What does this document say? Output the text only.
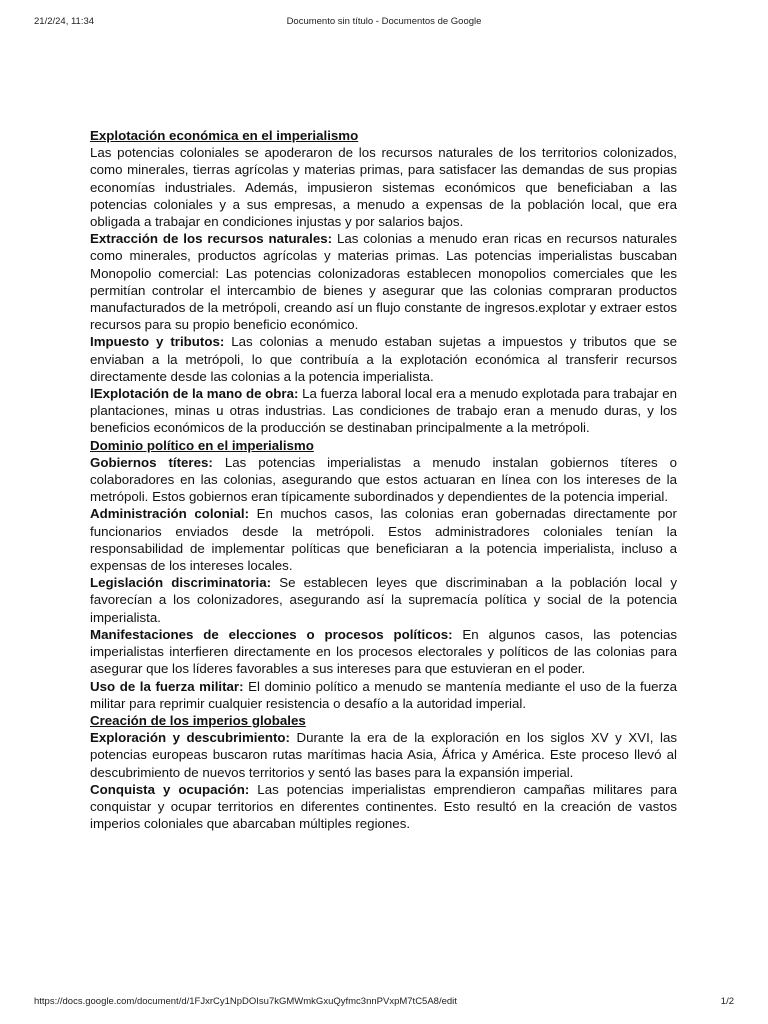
21/2/24, 11:34	Documento sin título - Documentos de Google
Explotación económica en el imperialismo

Las potencias coloniales se apoderaron de los recursos naturales de los territorios colonizados, como minerales, tierras agrícolas y materias primas, para satisfacer las demandas de sus propias economías industriales. Además, impusieron sistemas económicos que beneficiaban a las potencias coloniales y a sus empresas, a menudo a expensas de la población local, que era obligada a trabajar en condiciones injustas y por salarios bajos.

Extracción de los recursos naturales: Las colonias a menudo eran ricas en recursos naturales como minerales, productos agrícolas y materias primas. Las potencias imperialistas buscaban Monopolio comercial: Las potencias colonizadoras establecen monopolios comerciales que les permitían controlar el intercambio de bienes y asegurar que las colonias compraran productos manufacturados de la metrópoli, creando así un flujo constante de ingresos.explotar y extraer estos recursos para su propio beneficio económico.

Impuesto y tributos: Las colonias a menudo estaban sujetas a impuestos y tributos que se enviaban a la metrópoli, lo que contribuía a la explotación económica al transferir recursos directamente desde las colonias a la potencia imperialista.

lExplotación de la mano de obra: La fuerza laboral local era a menudo explotada para trabajar en plantaciones, minas u otras industrias. Las condiciones de trabajo eran a menudo duras, y los beneficios económicos de la producción se destinaban principalmente a la metrópoli.

Dominio político en el imperialismo

Gobiernos títeres: Las potencias imperialistas a menudo instalan gobiernos títeres o colaboradores en las colonias, asegurando que estos actuaran en línea con los intereses de la metrópoli. Estos gobiernos eran típicamente subordinados y dependientes de la potencia imperial.

Administración colonial: En muchos casos, las colonias eran gobernadas directamente por funcionarios enviados desde la metrópoli. Estos administradores coloniales tenían la responsabilidad de implementar políticas que beneficiaran a la potencia imperialista, incluso a expensas de los intereses locales.

Legislación discriminatoria: Se establecen leyes que discriminaban a la población local y favorecían a los colonizadores, asegurando así la supremacía política y social de la potencia imperialista.

Manifestaciones de elecciones o procesos políticos: En algunos casos, las potencias imperialistas interfieren directamente en los procesos electorales y políticos de las colonias para asegurar que los líderes favorables a sus intereses para que estuvieran en el poder.

Uso de la fuerza militar: El dominio político a menudo se mantenía mediante el uso de la fuerza militar para reprimir cualquier resistencia o desafío a la autoridad imperial.

Creación de los imperios globales

Exploración y descubrimiento: Durante la era de la exploración en los siglos XV y XVI, las potencias europeas buscaron rutas marítimas hacia Asia, África y América. Este proceso llevó al descubrimiento de nuevos territorios y sentó las bases para la expansión imperial.

Conquista y ocupación: Las potencias imperialistas emprendieron campañas militares para conquistar y ocupar territorios en diferentes continentes. Esto resultó en la creación de vastos imperios coloniales que abarcaban múltiples regiones.

https://docs.google.com/document/d/1FJxrCy1NpDOIsu7kGMWmkGxuQyfmc3nnPVxpM7tC5A8/edit	1/2
